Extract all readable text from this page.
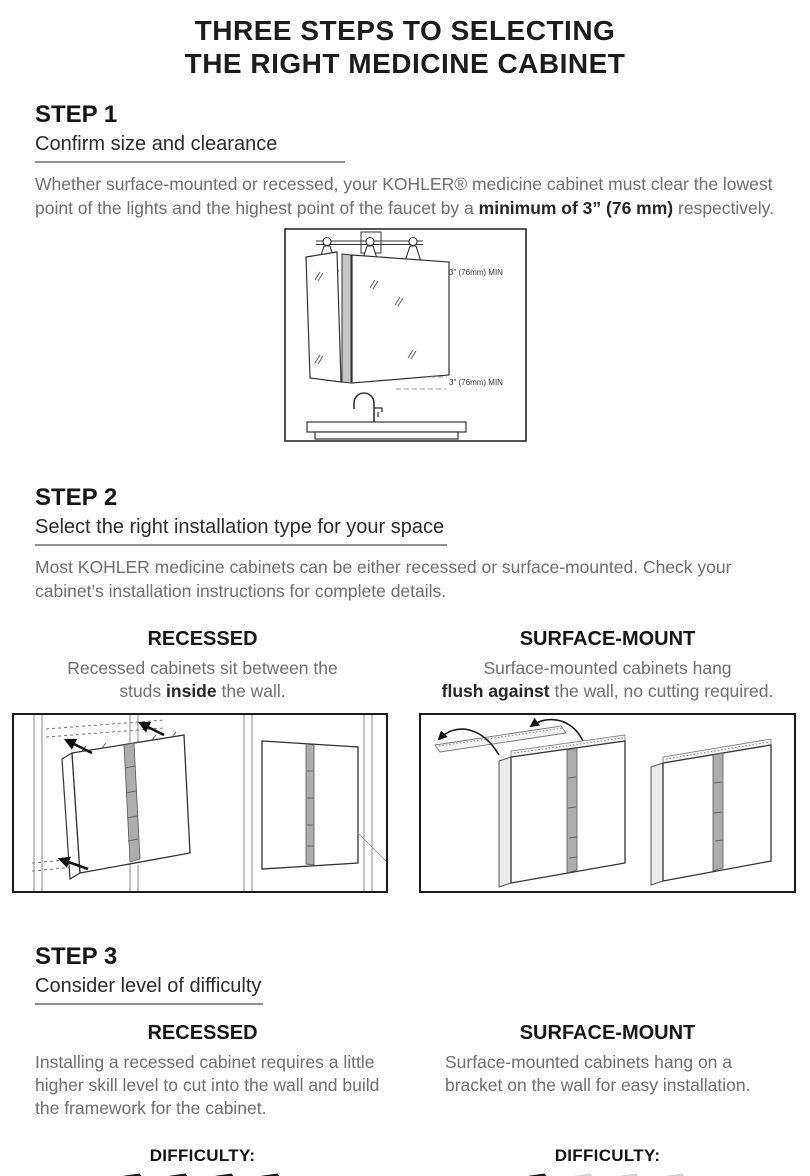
THREE STEPS TO SELECTING
THE RIGHT MEDICINE CABINET
STEP 1
Confirm size and clearance

Whether surface-mounted or recessed, your KOHLER® medicine cabinet must clear the lowest
point of the lights and the highest point of the faucet by a minimum of 3” (76 mm) respectively.

3" (76mm) MIN
3" (76mm) MIN
STEP 2
Select the right installation type for your space

Most KOHLER medicine cabinets can be either recessed or surface-mounted. Check your
cabinet’s installation instructions for complete details.

RECESSED
Recessed cabinets sit between the
studs inside the wall.
SURFACE-MOUNT
Surface-mounted cabinets hang
flush against the wall, no cutting required.
STEP 3
Consider level of difficulty
RECESSED
Installing a recessed cabinet requires a little
higher skill level to cut into the wall and build
the framework for the cabinet.
SURFACE-MOUNT
Surface-mounted cabinets hang on a
bracket on the wall for easy installation.
DIFFICULTY:	DIFFICULTY:
